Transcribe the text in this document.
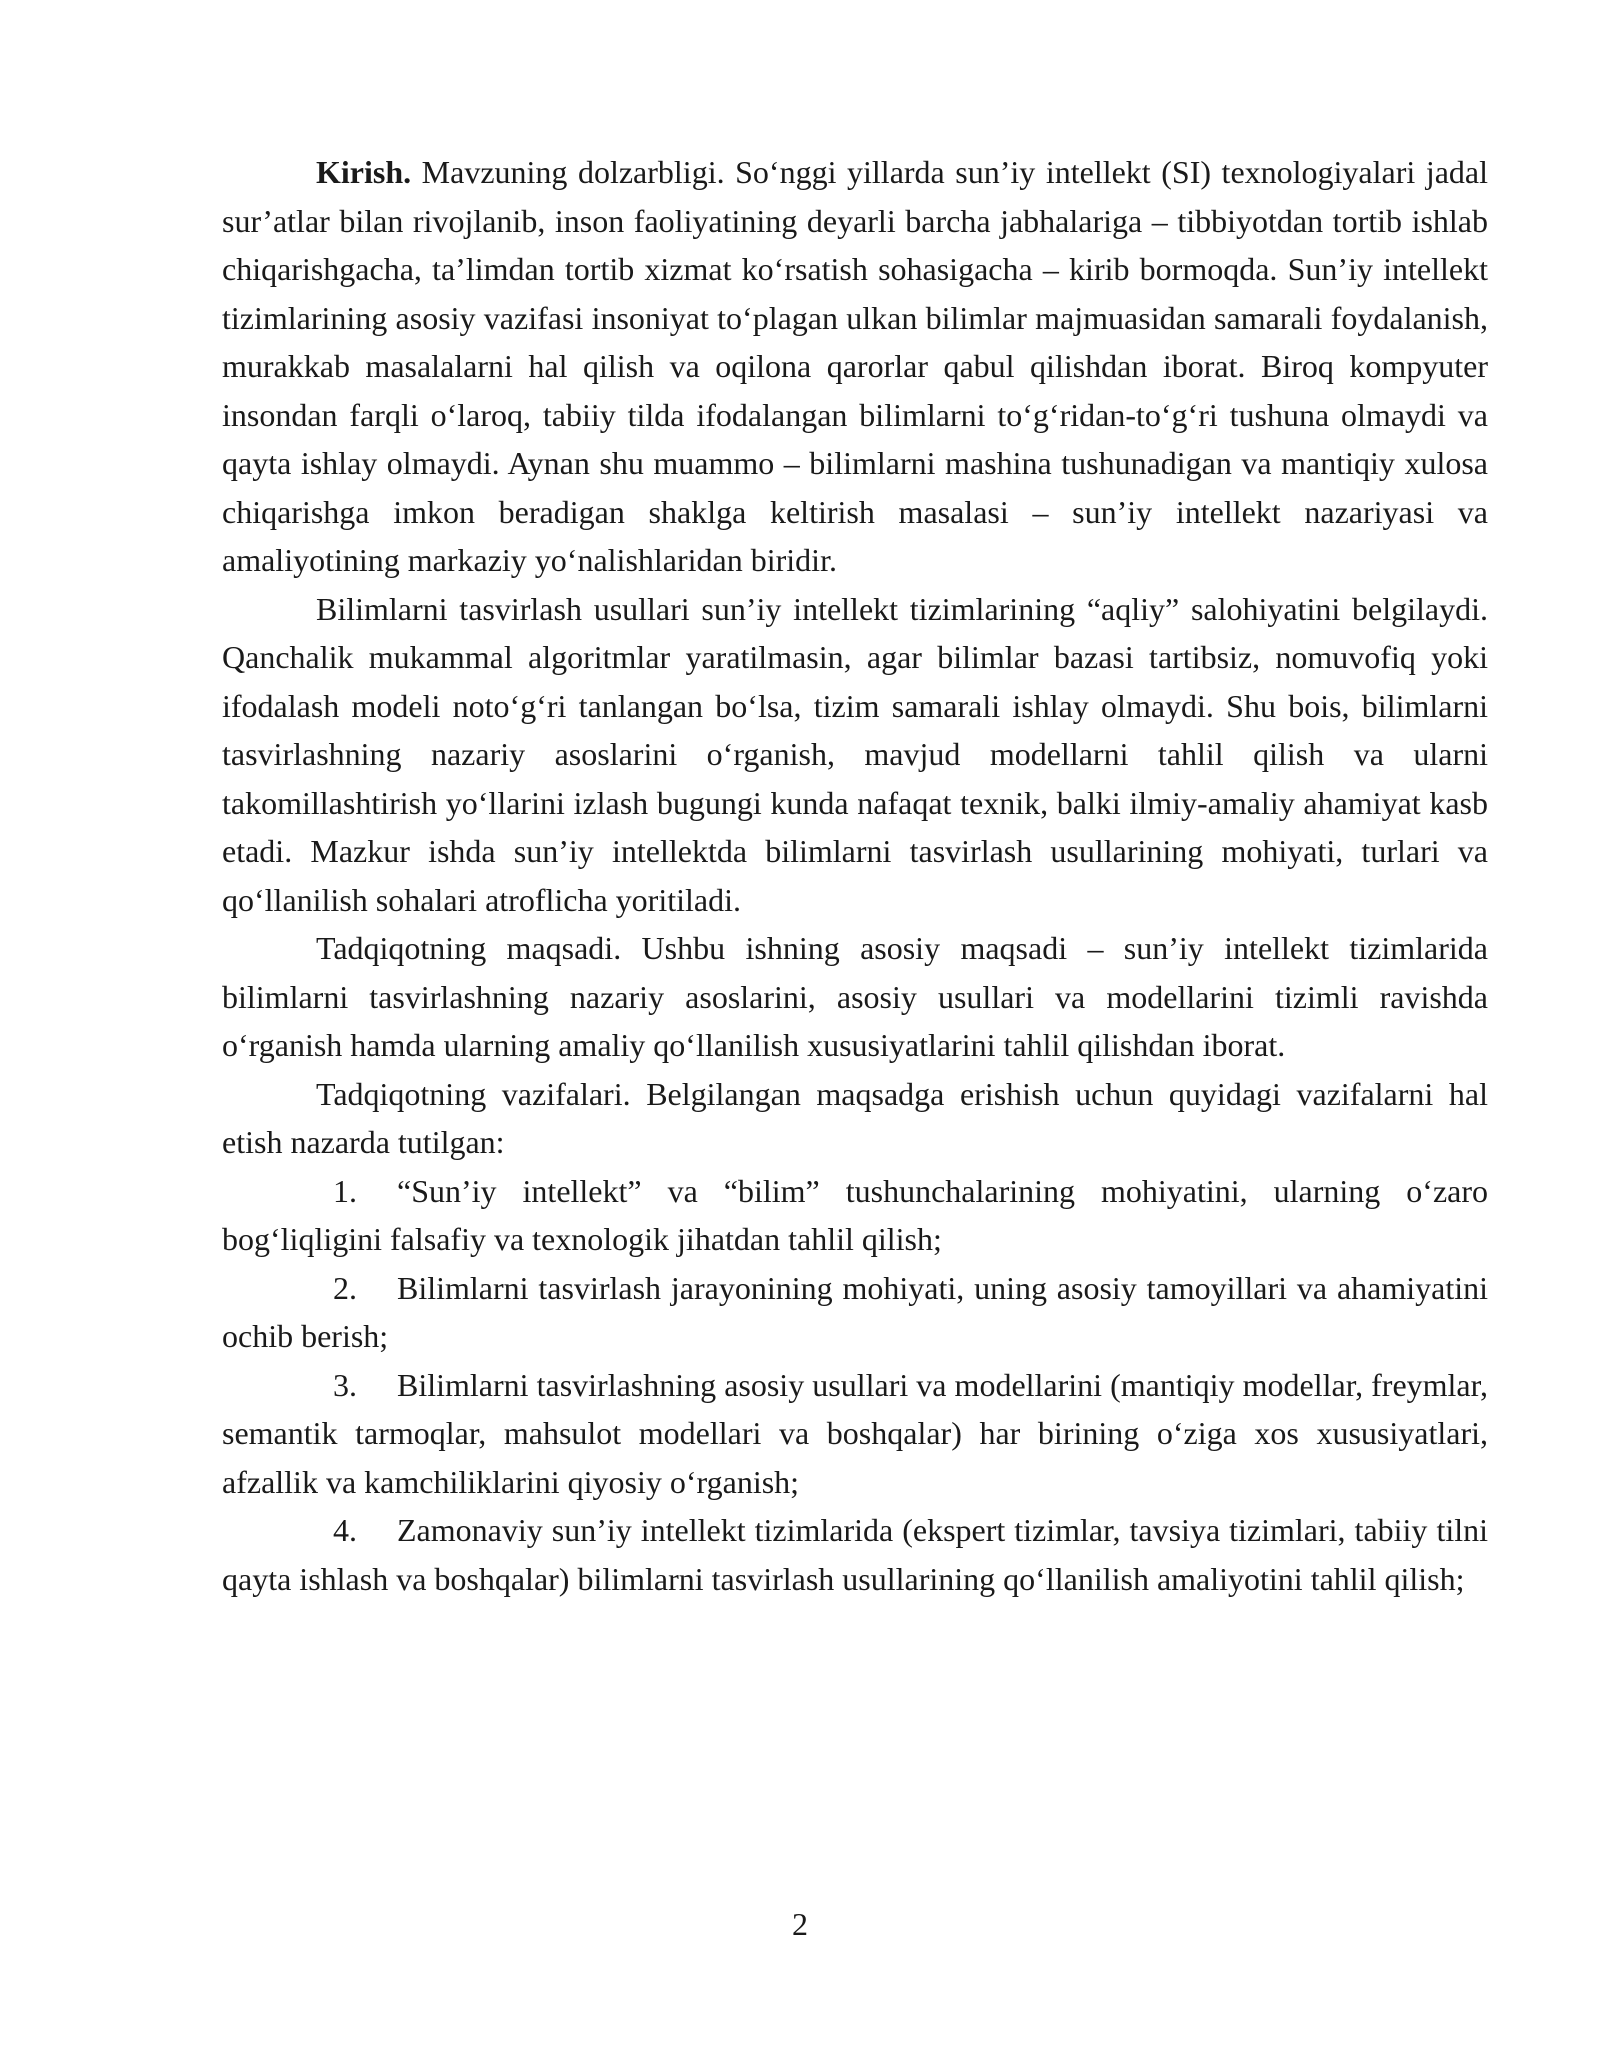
Kirish. Mavzuning dolzarbligi. So‘nggi yillarda sun’iy intellekt (SI) texnologiyalari jadal sur’atlar bilan rivojlanib, inson faoliyatining deyarli barcha jabhalariga – tibbiyotdan tortib ishlab chiqarishgacha, ta’limdan tortib xizmat ko‘rsatish sohasigacha – kirib bormoqda. Sun’iy intellekt tizimlarining asosiy vazifasi insoniyat to‘plagan ulkan bilimlar majmuasidan samarali foydalanish, murakkab masalalarni hal qilish va oqilona qarorlar qabul qilishdan iborat. Biroq kompyuter insondan farqli o‘laroq, tabiiy tilda ifodalangan bilimlarni to‘g‘ridan-to‘g‘ri tushuna olmaydi va qayta ishlay olmaydi. Aynan shu muammo – bilimlarni mashina tushunadigan va mantiqiy xulosa chiqarishga imkon beradigan shaklga keltirish masalasi – sun’iy intellekt nazariyasi va amaliyotining markaziy yo‘nalishlaridan biridir.

Bilimlarni tasvirlash usullari sun’iy intellekt tizimlarining “aqliy” salohiyatini belgilaydi. Qanchalik mukammal algoritmlar yaratilmasin, agar bilimlar bazasi tartibsiz, nomuvofiq yoki ifodalash modeli noto‘g‘ri tanlangan bo‘lsa, tizim samarali ishlay olmaydi. Shu bois, bilimlarni tasvirlashning nazariy asoslarini o‘rganish, mavjud modellarni tahlil qilish va ularni takomillashtirish yo‘llarini izlash bugungi kunda nafaqat texnik, balki ilmiy-amaliy ahamiyat kasb etadi. Mazkur ishda sun’iy intellektda bilimlarni tasvirlash usullarining mohiyati, turlari va qo‘llanilish sohalari atroflicha yoritiladi.

Tadqiqotning maqsadi. Ushbu ishning asosiy maqsadi – sun’iy intellekt tizimlarida bilimlarni tasvirlashning nazariy asoslarini, asosiy usullari va modellarini tizimli ravishda o‘rganish hamda ularning amaliy qo‘llanilish xususiyatlarini tahlil qilishdan iborat.

Tadqiqotning vazifalari. Belgilangan maqsadga erishish uchun quyidagi vazifalarni hal etish nazarda tutilgan:

1. “Sun’iy intellekt” va “bilim” tushunchalarining mohiyatini, ularning o‘zaro bog‘liqligini falsafiy va texnologik jihatdan tahlil qilish;

2. Bilimlarni tasvirlash jarayonining mohiyati, uning asosiy tamoyillari va ahamiyatini ochib berish;

3. Bilimlarni tasvirlashning asosiy usullari va modellarini (mantiqiy modellar, freymlar, semantik tarmoqlar, mahsulot modellari va boshqalar) har birining o‘ziga xos xususiyatlari, afzallik va kamchiliklarini qiyosiy o‘rganish;

4. Zamonaviy sun’iy intellekt tizimlarida (ekspert tizimlar, tavsiya tizimlari, tabiiy tilni qayta ishlash va boshqalar) bilimlarni tasvirlash usullarining qo‘llanilish amaliyotini tahlil qilish;

2
